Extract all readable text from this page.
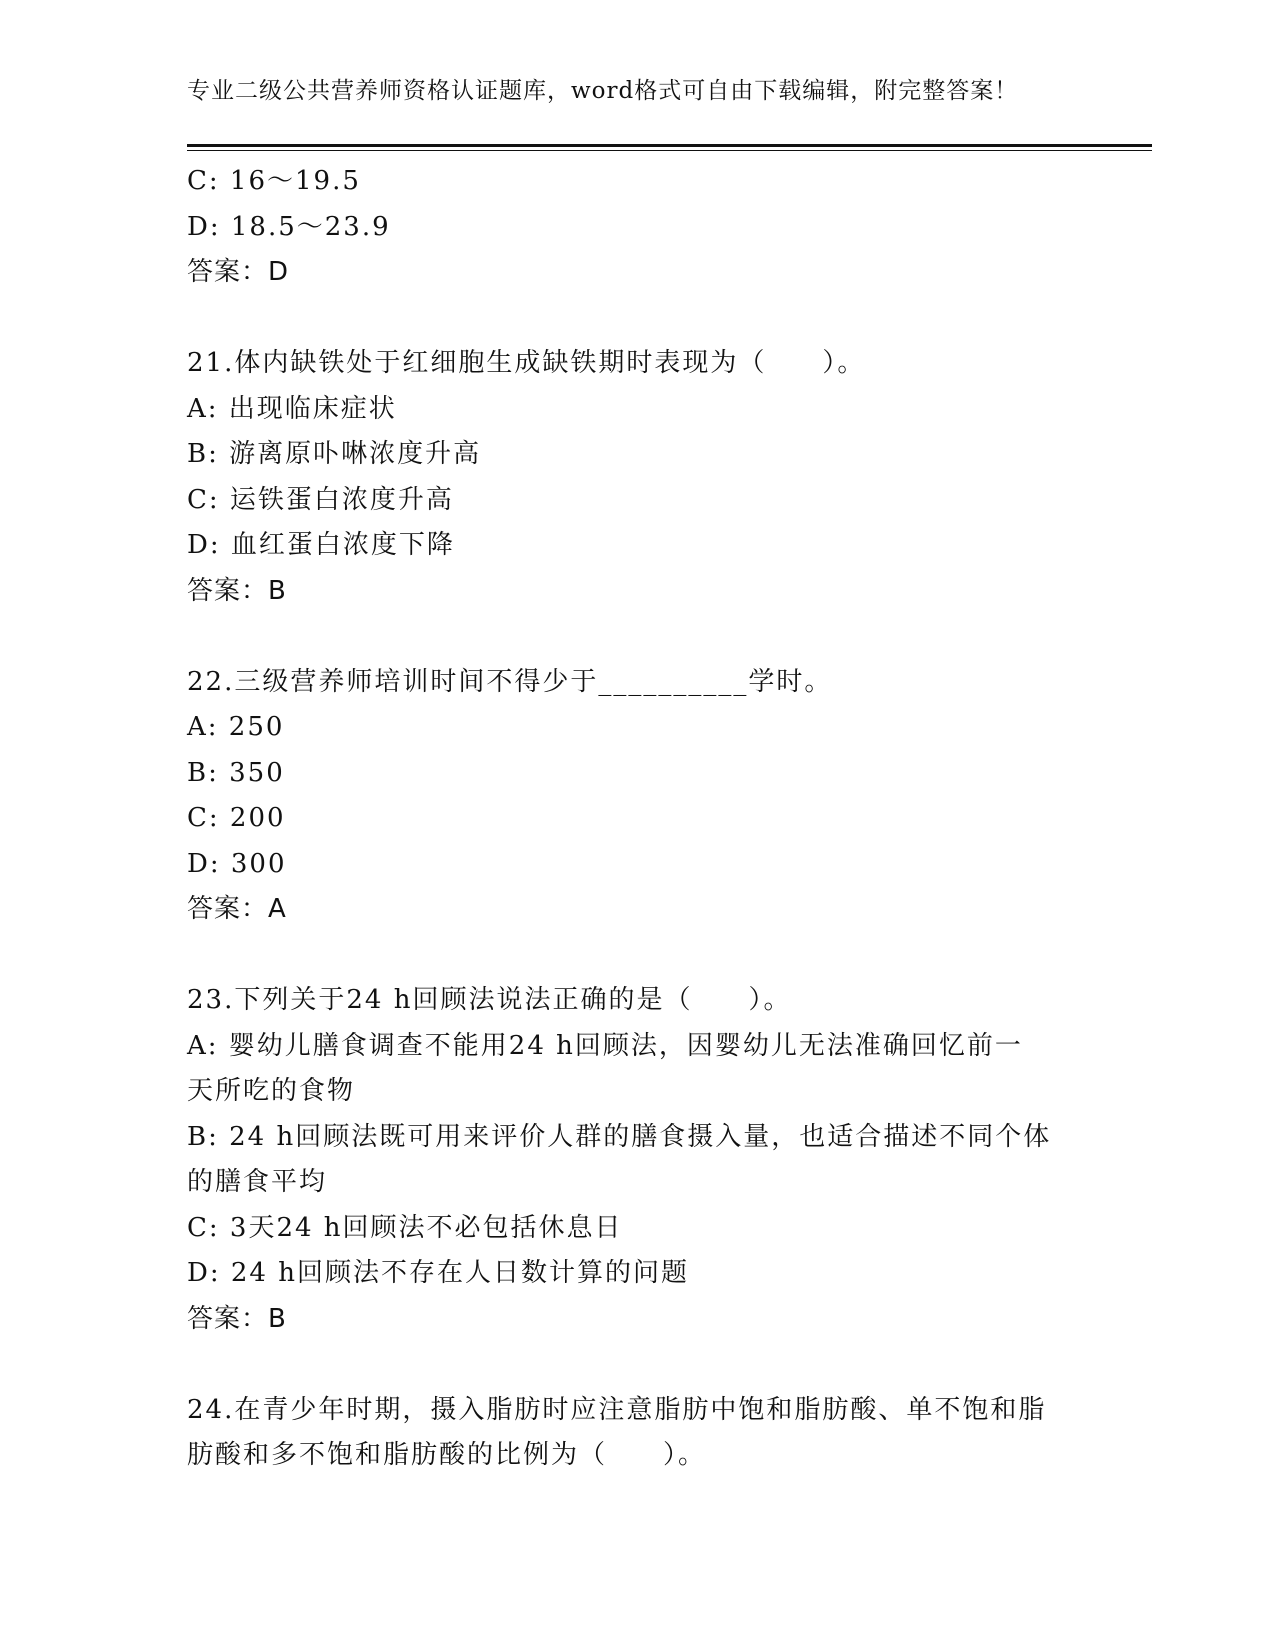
专业二级公共营养师资格认证题库，word格式可自由下载编辑，附完整答案！
C: 16～19.5
D: 18.5～23.9
答案：D
21.体内缺铁处于红细胞生成缺铁期时表现为（　　）。
A: 出现临床症状
B: 游离原卟啉浓度升高
C: 运铁蛋白浓度升高
D: 血红蛋白浓度下降
答案：B
22.三级营养师培训时间不得少于__________学时。
A: 250
B: 350
C: 200
D: 300
答案：A
23.下列关于24 h回顾法说法正确的是（　　）。
A: 婴幼儿膳食调查不能用24 h回顾法，因婴幼儿无法准确回忆前一
天所吃的食物
B: 24 h回顾法既可用来评价人群的膳食摄入量，也适合描述不同个体
的膳食平均
C: 3天24 h回顾法不必包括休息日
D: 24 h回顾法不存在人日数计算的问题
答案：B
24.在青少年时期，摄入脂肪时应注意脂肪中饱和脂肪酸、单不饱和脂
肪酸和多不饱和脂肪酸的比例为（　　）。
